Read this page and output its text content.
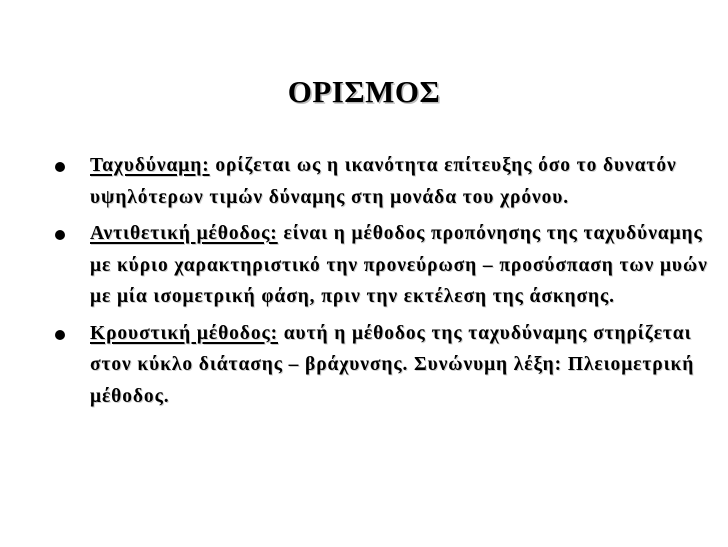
ΟΡΙΣΜΟΣ
Ταχυδύναμη: ορίζεται ως η ικανότητα επίτευξης όσο το δυνατόν υψηλότερων τιμών δύναμης στη μονάδα του χρόνου.
Αντιθετική μέθοδος: είναι η μέθοδος προπόνησης της ταχυδύναμης με κύριο χαρακτηριστικό την προνεύρωση – προσύσπαση των μυών με μία ισομετρική φάση, πριν την εκτέλεση της άσκησης.
Κρουστική μέθοδος: αυτή η μέθοδος της ταχυδύναμης στηρίζεται στον κύκλο διάτασης – βράχυνσης. Συνώνυμη λέξη: Πλειομετρική μέθοδος.
